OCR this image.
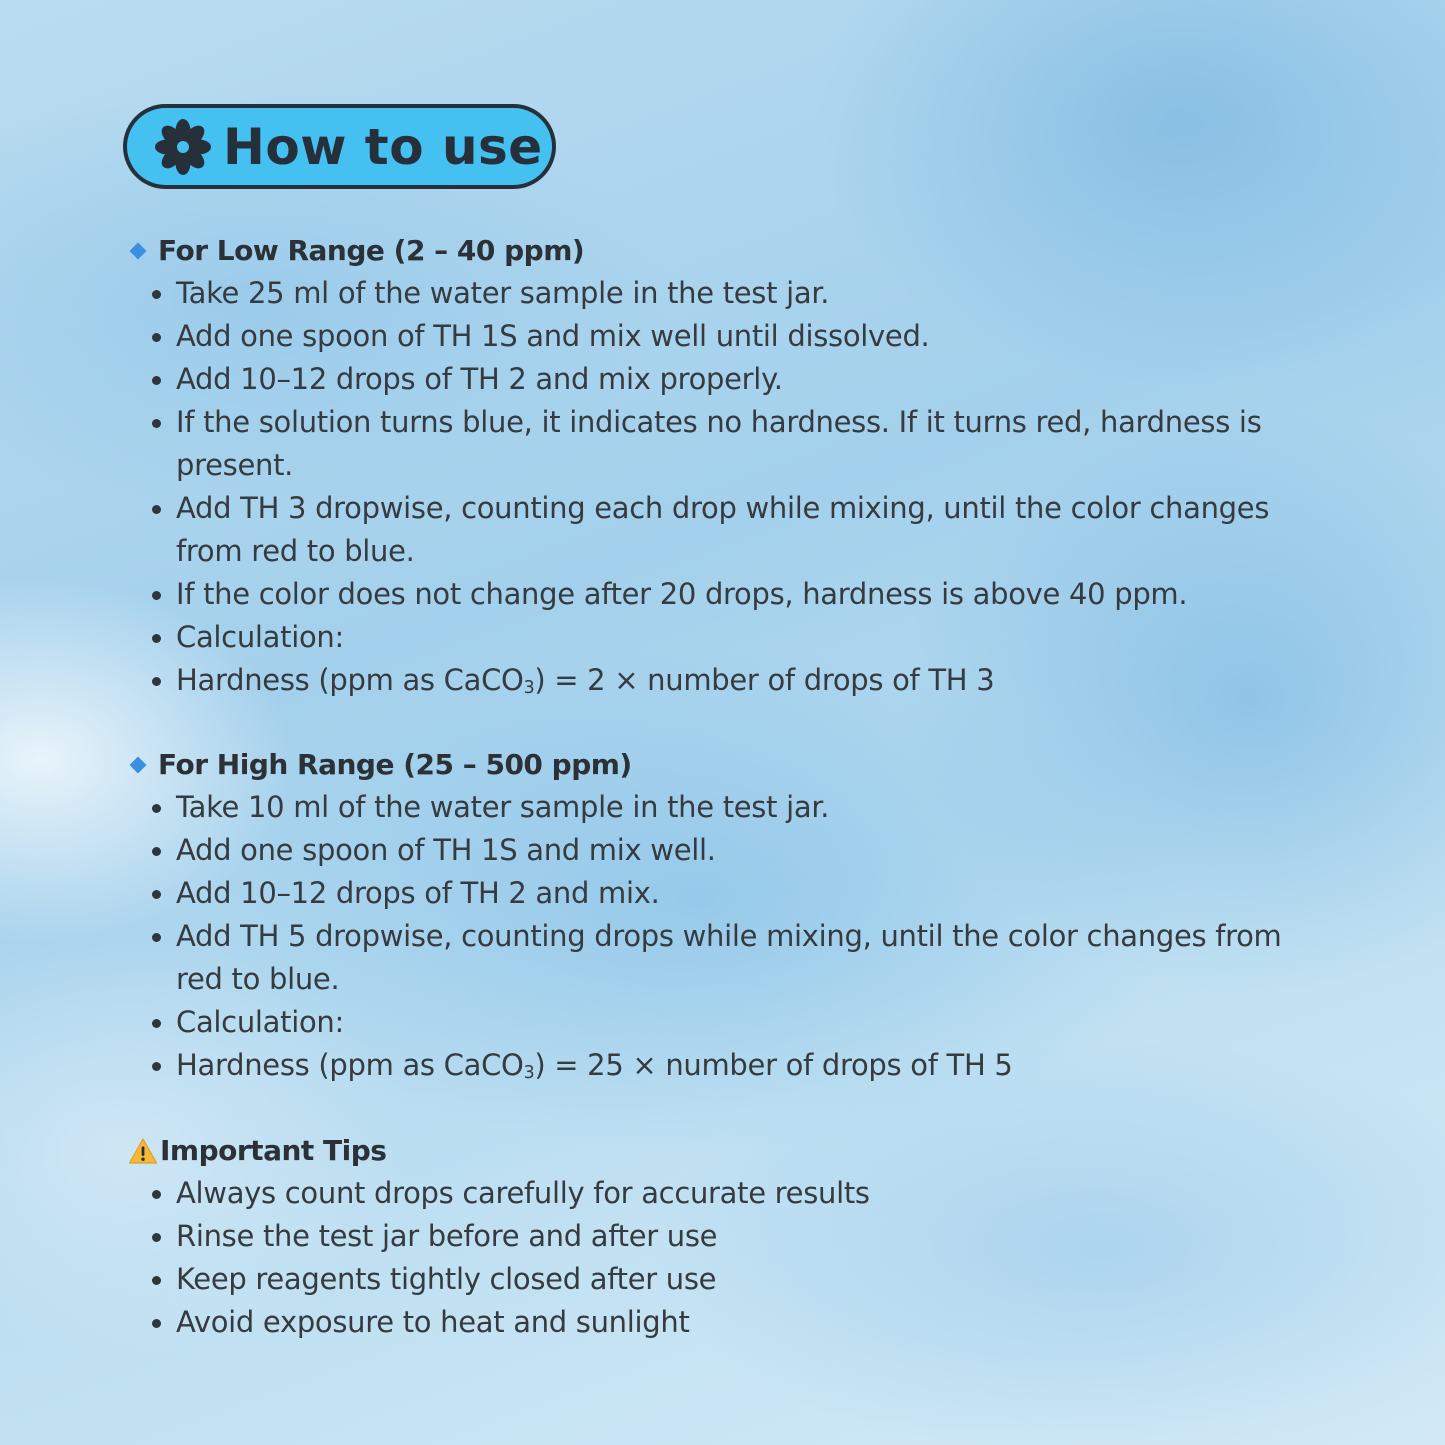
How to use
For Low Range (2 – 40 ppm)
Take 25 ml of the water sample in the test jar.
Add one spoon of TH 1S and mix well until dissolved.
Add 10–12 drops of TH 2 and mix properly.
If the solution turns blue, it indicates no hardness. If it turns red, hardness is present.
Add TH 3 dropwise, counting each drop while mixing, until the color changes from red to blue.
If the color does not change after 20 drops, hardness is above 40 ppm.
Calculation:
Hardness (ppm as CaCO$_3$) = 2 × number of drops of TH 3
For High Range (25 – 500 ppm)
Take 10 ml of the water sample in the test jar.
Add one spoon of TH 1S and mix well.
Add 10–12 drops of TH 2 and mix.
Add TH 5 dropwise, counting drops while mixing, until the color changes from red to blue.
Calculation:
Hardness (ppm as CaCO$_3$) = 25 × number of drops of TH 5
Important Tips
Always count drops carefully for accurate results
Rinse the test jar before and after use
Keep reagents tightly closed after use
Avoid exposure to heat and sunlight
